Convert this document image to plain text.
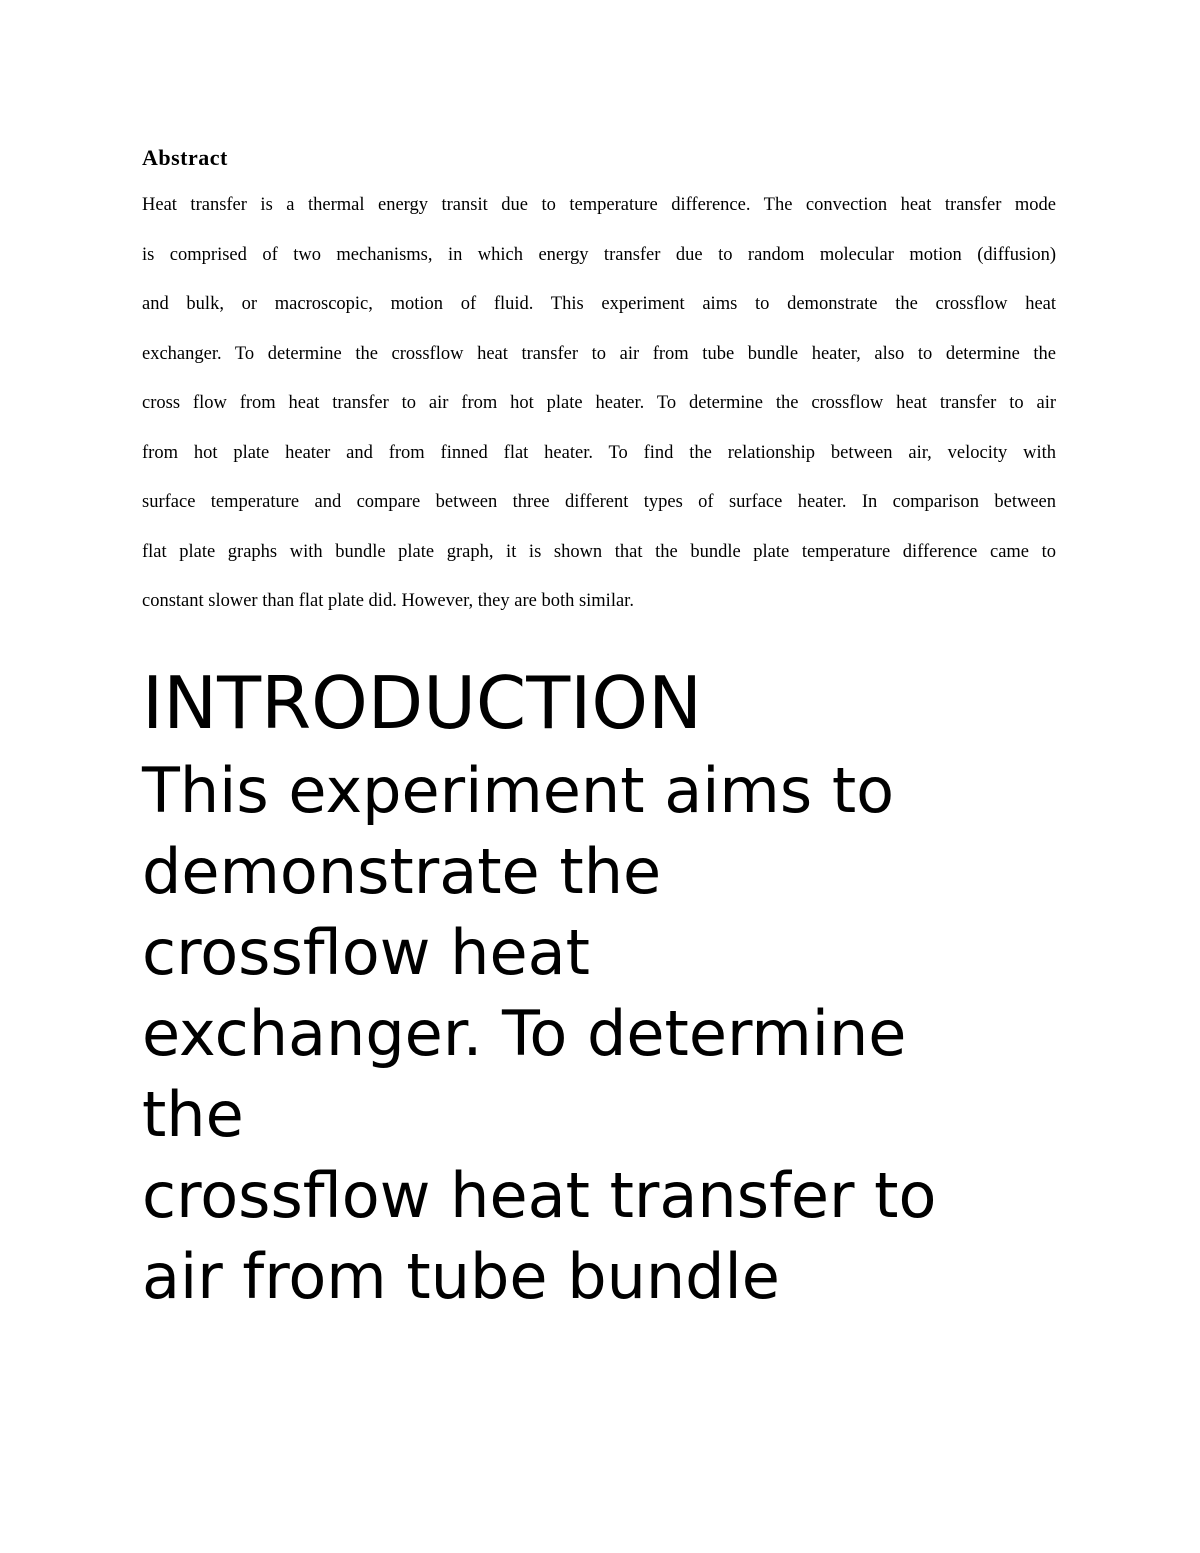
Abstract
Heat transfer is a thermal energy transit due to temperature difference. The convection heat transfer mode
is comprised of two mechanisms, in which energy transfer due to random molecular motion (diffusion)
and bulk, or macroscopic, motion of fluid. This experiment aims to demonstrate the crossflow heat
exchanger. To determine the crossflow heat transfer to air from tube bundle heater, also to determine the
cross flow from heat transfer to air from hot plate heater. To determine the crossflow heat transfer to air
from hot plate heater and from finned flat heater. To find the relationship between air, velocity with
surface temperature and compare between three different types of surface heater. In comparison between
flat plate graphs with bundle plate graph, it is shown that the bundle plate temperature difference came to
constant slower than flat plate did. However, they are both similar.
INTRODUCTION
This experiment aims to
demonstrate the
crossflow heat
exchanger. To determine
the
crossflow heat transfer to
air from tube bundle
